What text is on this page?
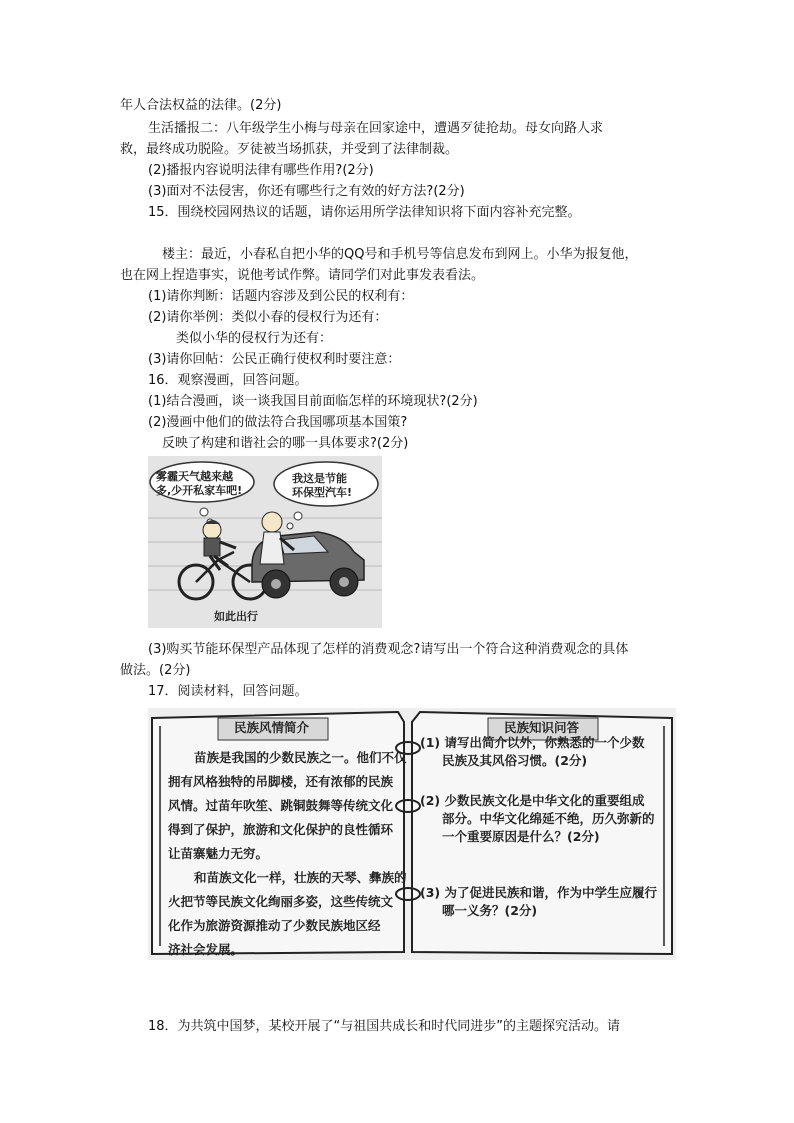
年人合法权益的法律。(2分)
生活播报二：八年级学生小梅与母亲在回家途中，遭遇歹徒抢劫。母女向路人求
救，最终成功脱险。歹徒被当场抓获，并受到了法律制裁。
(2)播报内容说明法律有哪些作用?(2分)
(3)面对不法侵害，你还有哪些行之有效的好方法?(2分)
15．围绕校园网热议的话题，请你运用所学法律知识将下面内容补充完整。
楼主：最近，小春私自把小华的QQ号和手机号等信息发布到网上。小华为报复他，
也在网上捏造事实，说他考试作弊。请同学们对此事发表看法。
(1)请你判断：话题内容涉及到公民的权利有：
(2)请你举例：类似小春的侵权行为还有：
类似小华的侵权行为还有：
(3)请你回帖：公民正确行使权利时要注意：
16．观察漫画，回答问题。
(1)结合漫画，谈一谈我国目前面临怎样的环境现状?(2分)
(2)漫画中他们的做法符合我国哪项基本国策?
反映了构建和谐社会的哪一具体要求?(2分)
雾霾天气越来越
多,少开私家车吧!
我这是节能
环保型汽车!
如此出行
(3)购买节能环保型产品体现了怎样的消费观念?请写出一个符合这种消费观念的具体
做法。(2分)
17．阅读材料，回答问题。
民族风情简介
苗族是我国的少数民族之一。他们不仅
拥有风格独特的吊脚楼，还有浓郁的民族
风情。过苗年吹笙、跳铜鼓舞等传统文化
得到了保护，旅游和文化保护的良性循环
让苗寨魅力无穷。
和苗族文化一样，壮族的天琴、彝族的
火把节等民族文化绚丽多姿，这些传统文
化作为旅游资源推动了少数民族地区经
济社会发展。
民族知识问答
(1) 请写出简介以外，你熟悉的一个少数
民族及其风俗习惯。(2分)
(2) 少数民族文化是中华文化的重要组成
部分。中华文化绵延不绝，历久弥新的
一个重要原因是什么？(2分)
(3) 为了促进民族和谐，作为中学生应履行
哪一义务？(2分)
18．为共筑中国梦，某校开展了“与祖国共成长和时代同进步”的主题探究活动。请
